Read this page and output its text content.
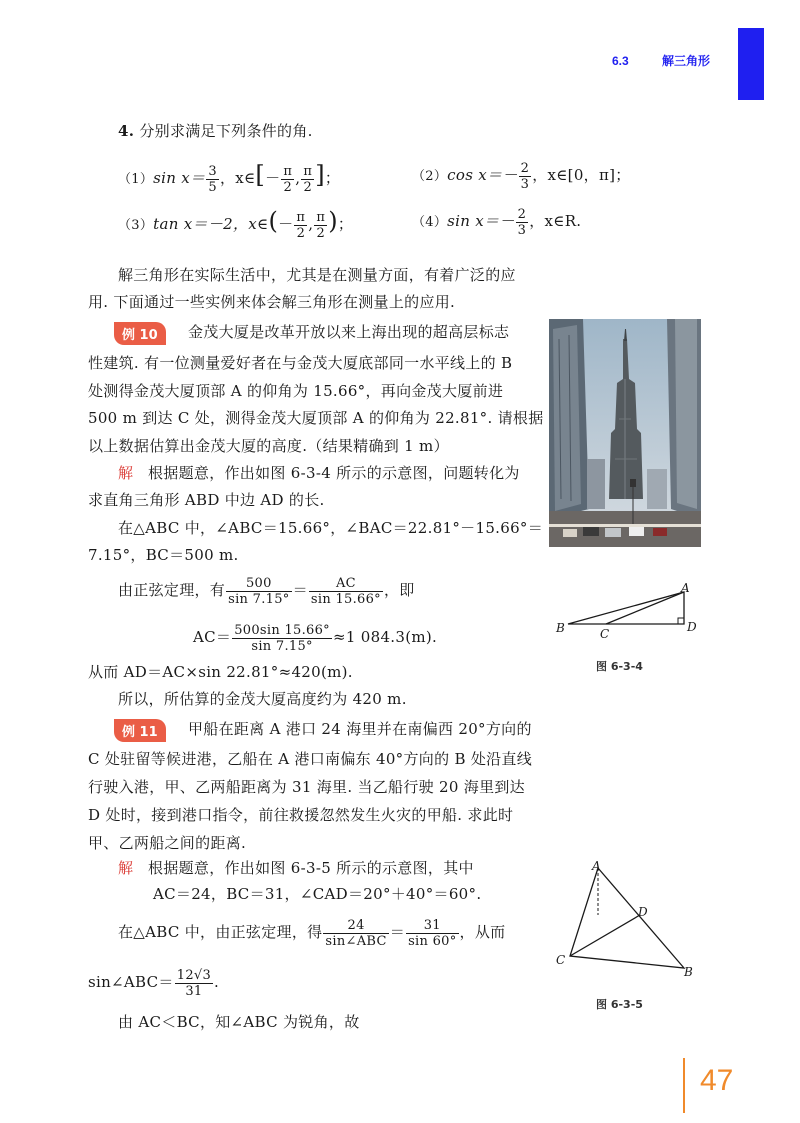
6.3	解三角形
4. 分别求满足下列条件的角.
（1）sin $x= \frac{3}{5}$ ，x∈[－ $\frac{\pi}{2}$ , $\frac{\pi}{2}$ ]；	（2）cos $x=- \frac{2}{3}$ ，x∈[0，π]；
（3）tan x＝－2，x∈(－ $\frac{\pi}{2}$ , $\frac{\pi}{2}$ )；	（4）sin $x=- \frac{2}{3}$ ，x∈R.
解三角形在实际生活中，尤其是在测量方面，有着广泛的应
用. 下面通过一些实例来体会解三角形在测量上的应用.
例 10	金茂大厦是改革开放以来上海出现的超高层标志
性建筑. 有一位测量爱好者在与金茂大厦底部同一水平线上的 B
处测得金茂大厦顶部 A 的仰角为 15.66°，再向金茂大厦前进
500 m 到达 C 处，测得金茂大厦顶部 A 的仰角为 22.81°. 请根据
以上数据估算出金茂大厦的高度.（结果精确到 1 m）
解 根据题意，作出如图 6-3-4 所示的示意图，问题转化为
求直角三角形 ABD 中边 AD 的长.
在△ABC 中，∠ABC＝15.66°，∠BAC＝22.81°－15.66°＝
7.15°，BC＝500 m.
由正弦定理，有 $\frac{500}{\sin 7.15^\circ} = \frac{AC}{\sin 15.66^\circ}$ ，即
$AC= \frac{500\sin 15.66^\circ}{\sin 7.15^\circ} \approx 1$ 084.3(m).
从而 AD＝AC×sin 22.81°≈420(m).
所以，所估算的金茂大厦高度约为 420 m.
A
B	C	D
图 6-3-4
例 11	甲船在距离 A 港口 24 海里并在南偏西 20°方向的
C 处驻留等候进港，乙船在 A 港口南偏东 40°方向的 B 处沿直线
行驶入港，甲、乙两船距离为 31 海里. 当乙船行驶 20 海里到达
D 处时，接到港口指令，前往救援忽然发生火灾的甲船. 求此时
甲、乙两船之间的距离.
解 根据题意，作出如图 6-3-5 所示的示意图，其中
AC＝24，BC＝31，∠CAD＝20°＋40°＝60°.
在△ABC 中，由正弦定理，得 $\frac{24}{\text{sin∠ABC}} = \frac{31}{\sin 60^\circ}$ ，从而
sin∠ABC＝ $\frac{12√3}{31}$ .
由 AC＜BC，知∠ABC 为锐角，故
A
C
D
B
图 6-3-5
47
